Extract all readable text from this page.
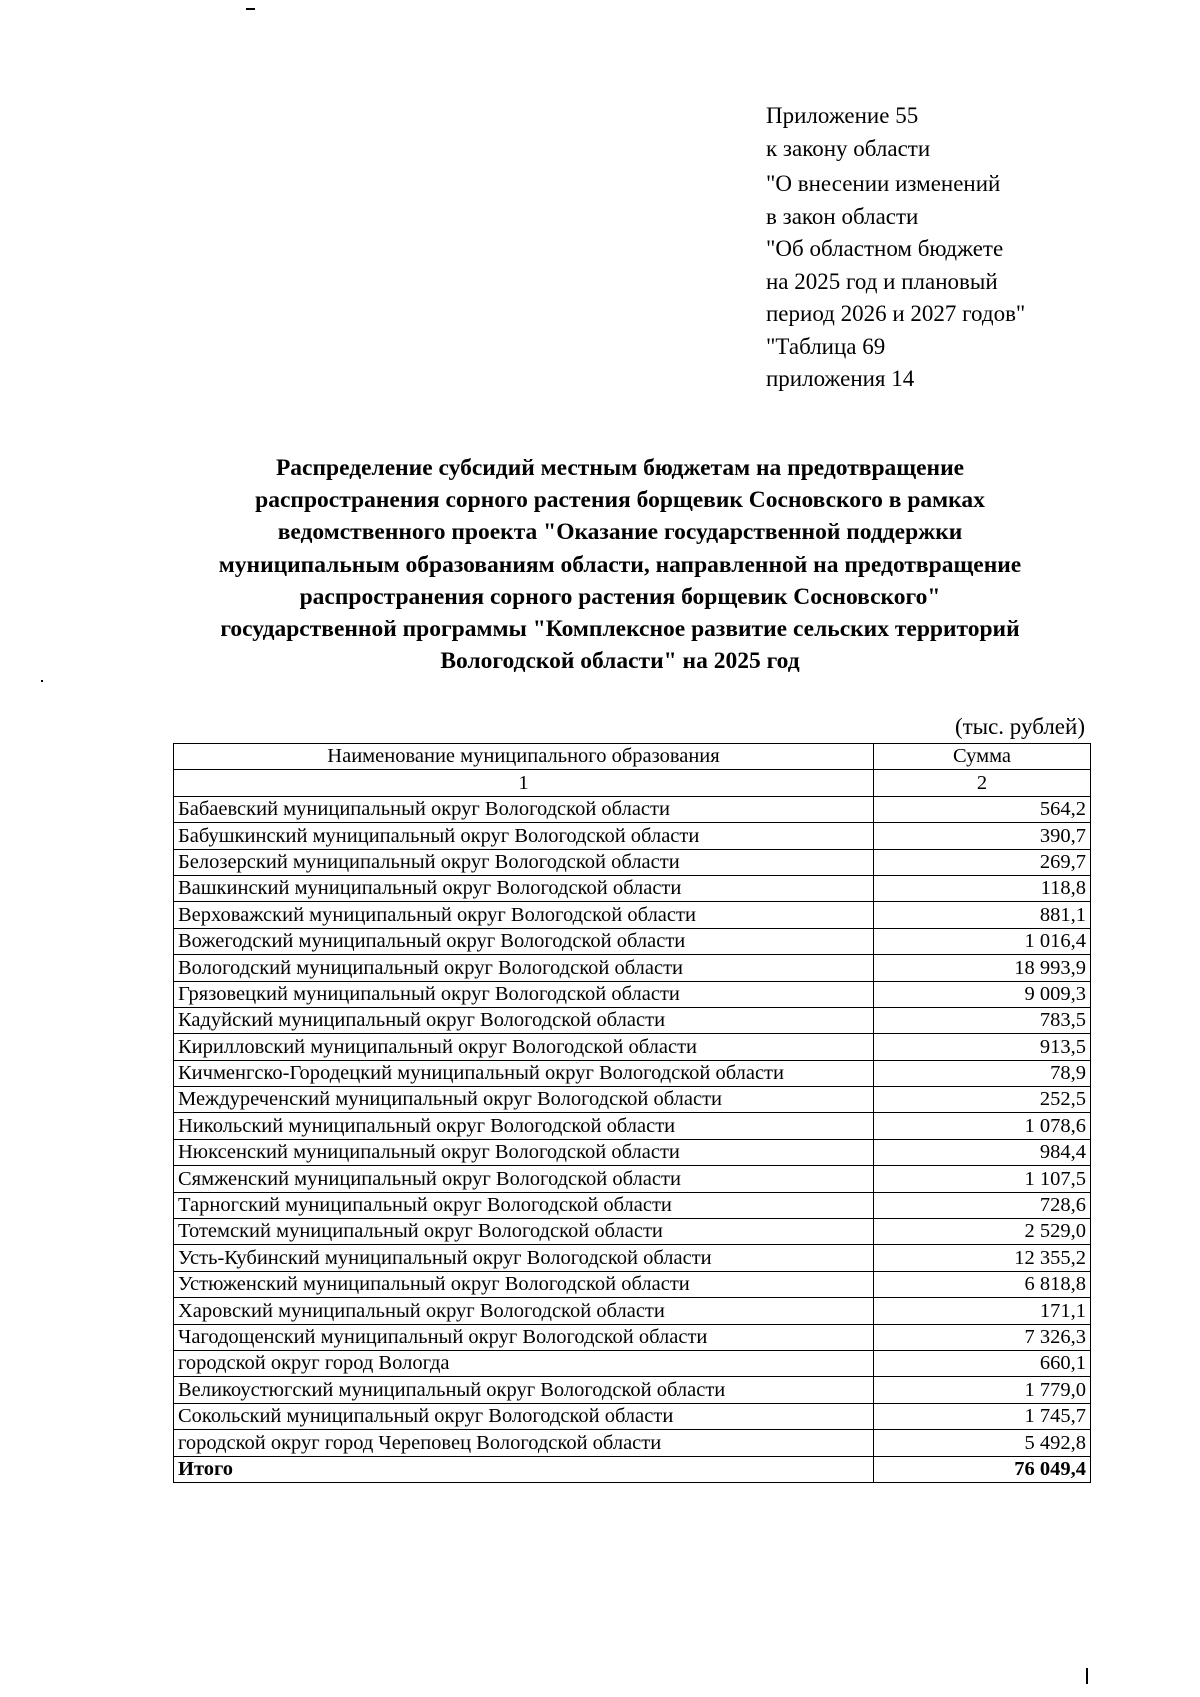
Приложение 55
к закону области
"О внесении изменений
в закон области
"Об областном бюджете
на 2025 год и плановый
период 2026 и 2027 годов"
"Таблица 69
приложения 14
Распределение субсидий местным бюджетам на предотвращение
распространения сорного растения борщевик Сосновского в рамках
ведомственного проекта "Оказание государственной поддержки
муниципальным образованиям области, направленной на предотвращение
распространения сорного растения борщевик Сосновского"
государственной программы "Комплексное развитие сельских территорий
Вологодской области" на 2025 год
(тыс. рублей)
Наименование муниципального образования	Сумма
1	2
Бабаевский муниципальный округ Вологодской области	564,2
Бабушкинский муниципальный округ Вологодской области	390,7
Белозерский муниципальный округ Вологодской области	269,7
Вашкинский муниципальный округ Вологодской области	118,8
Верховажский муниципальный округ Вологодской области	881,1
Вожегодский муниципальный округ Вологодской области	1 016,4
Вологодский муниципальный округ Вологодской области	18 993,9
Грязовецкий муниципальный округ Вологодской области	9 009,3
Кадуйский муниципальный округ Вологодской области	783,5
Кирилловский муниципальный округ Вологодской области	913,5
Кичменгско-Городецкий муниципальный округ Вологодской области	78,9
Междуреченский муниципальный округ Вологодской области	252,5
Никольский муниципальный округ Вологодской области	1 078,6
Нюксенский муниципальный округ Вологодской области	984,4
Сямженский муниципальный округ Вологодской области	1 107,5
Тарногский муниципальный округ Вологодской области	728,6
Тотемский муниципальный округ Вологодской области	2 529,0
Усть-Кубинский муниципальный округ Вологодской области	12 355,2
Устюженский муниципальный округ Вологодской области	6 818,8
Харовский муниципальный округ Вологодской области	171,1
Чагодощенский муниципальный округ Вологодской области	7 326,3
городской округ город Вологда	660,1
Великоустюгский муниципальный округ Вологодской области	1 779,0
Сокольский муниципальный округ Вологодской области	1 745,7
городской округ город Череповец Вологодской области	5 492,8
Итого	76 049,4
